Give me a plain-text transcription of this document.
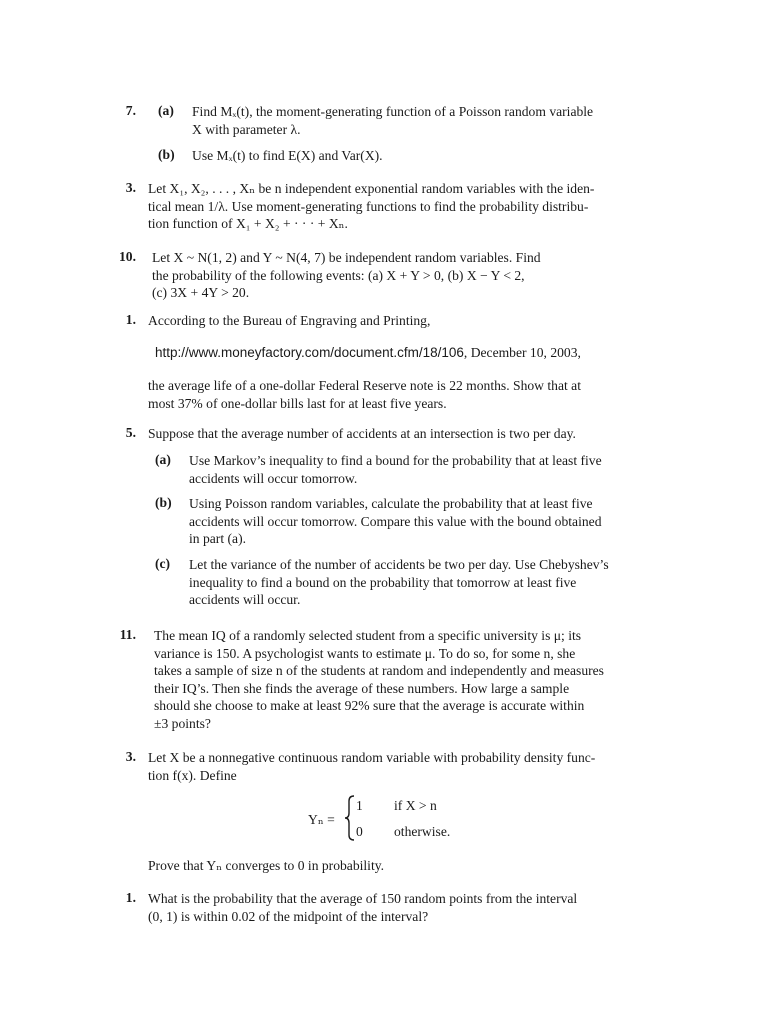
7. (a)	Find Mₓ(t), the moment-generating function of a Poisson random variable
X with parameter λ.
(b)	Use Mₓ(t) to find E(X) and Var(X).
3. Let X₁, X₂, . . . , Xₙ be n independent exponential random variables with the iden-
tical mean 1/λ. Use moment-generating functions to find the probability distribu-
tion function of X₁ + X₂ + · · · + Xₙ.
10. Let X ~ N(1, 2) and Y ~ N(4, 7) be independent random variables. Find
the probability of the following events: (a) X + Y > 0, (b) X − Y < 2,
(c) 3X + 4Y > 20.
1. According to the Bureau of Engraving and Printing,
http://www.moneyfactory.com/document.cfm/18/106, December 10, 2003,
the average life of a one-dollar Federal Reserve note is 22 months. Show that at
most 37% of one-dollar bills last for at least five years.
5. Suppose that the average number of accidents at an intersection is two per day.
(a)	Use Markov’s inequality to find a bound for the probability that at least five
accidents will occur tomorrow.
(b)	Using Poisson random variables, calculate the probability that at least five
accidents will occur tomorrow. Compare this value with the bound obtained
in part (a).
(c)	Let the variance of the number of accidents be two per day. Use Chebyshev’s
inequality to find a bound on the probability that tomorrow at least five
accidents will occur.
11. The mean IQ of a randomly selected student from a specific university is μ; its
variance is 150. A psychologist wants to estimate μ. To do so, for some n, she
takes a sample of size n of the students at random and independently and measures
their IQ’s. Then she finds the average of these numbers. How large a sample
should she choose to make at least 92% sure that the average is accurate within
±3 points?
3. Let X be a nonnegative continuous random variable with probability density func-
tion f(x). Define
Yₙ =
1 if X > n
0 otherwise.
Prove that Yₙ converges to 0 in probability.
1. What is the probability that the average of 150 random points from the interval
(0, 1) is within 0.02 of the midpoint of the interval?
